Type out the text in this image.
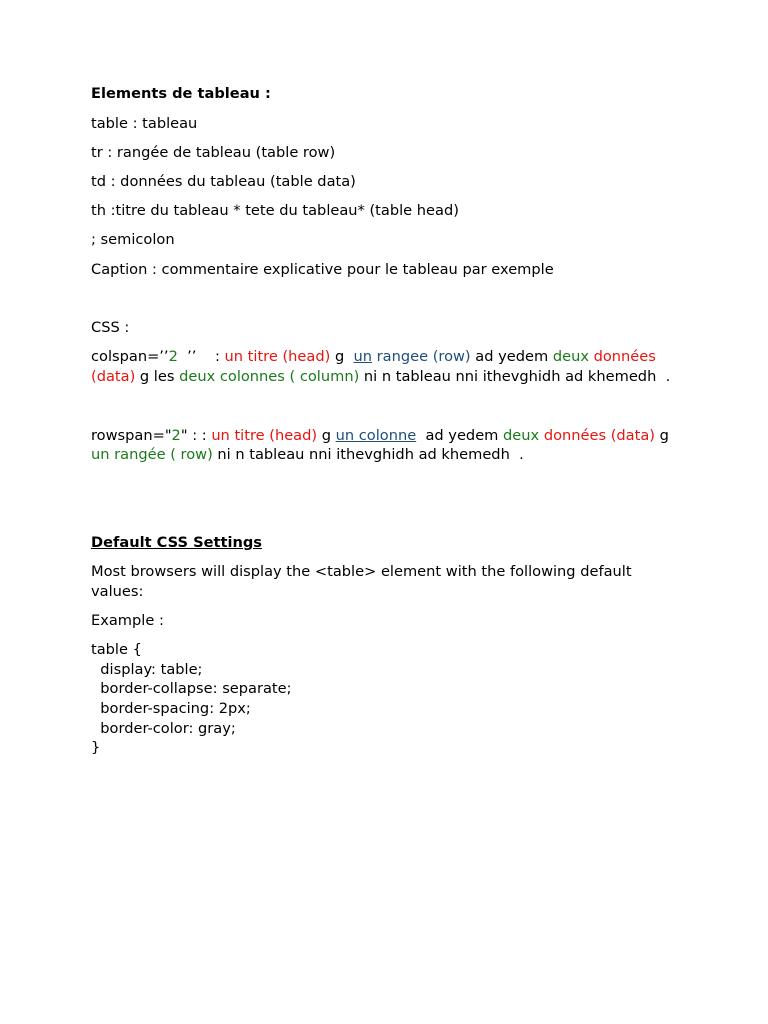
Elements de tableau :

table : tableau

tr : rangée de tableau (table row)

td : données du tableau (table data)

th :titre du tableau * tete du tableau* (table head)

; semicolon

Caption : commentaire explicative pour le tableau par exemple

CSS :

colspan=’’2  ’’    : un titre (head) g  un rangee (row) ad yedem deux données (data) g les deux colonnes ( column) ni n tableau nni ithevghidh ad khemedh  .

rowspan="2" : : un titre (head) g un colonne  ad yedem deux données (data) g un rangée ( row) ni n tableau nni ithevghidh ad khemedh  .

Default CSS Settings

Most browsers will display the <table> element with the following default values:

Example :

table {

display: table;

border-collapse: separate;

border-spacing: 2px;

border-color: gray;

}
